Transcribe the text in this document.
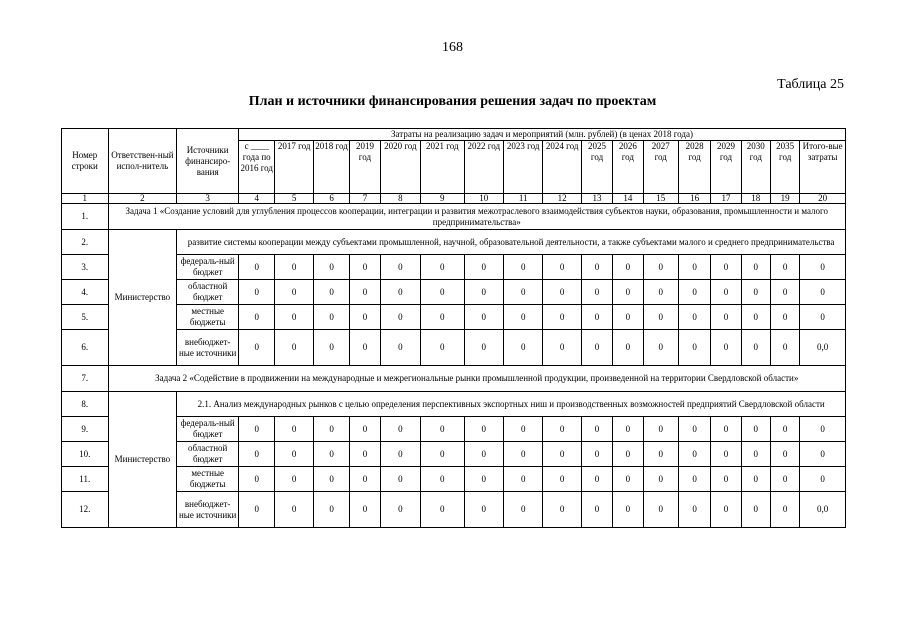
168
Таблица 25
План и источники финансирования решения задач по проектам
Номер строки	Ответствен-ный испол-нитель	Источники финансиро-вания	Затраты на реализацию задач и мероприятий (млн. рублей) (в ценах 2018 года)																
			с ____ года по 2016 год	2017 год	2018 год	2019 год	2020 год	2021 год	2022 год	2023 год	2024 год	2025 год	2026 год	2027 год	2028 год	2029 год	2030 год	2035 год	Итого-вые затраты
1	2	3	4	5	6	7	8	9	10	11	12	13	14	15	16	17	18	19	20
1.	Задача 1 «Создание условий для углубления процессов кооперации, интеграции и развития межотраслевого взаимодействия субъектов науки, образования, промышленности и малого предпринимательства»																		
2.	Министерство	развитие системы кооперации между субъектами промышленной, научной, образовательной деятельности, а также субъектами малого и среднего предпринимательства																	
3.		федераль-ный бюджет	0	0	0	0	0	0	0	0	0	0	0	0	0	0	0	0	0
4.		областной бюджет	0	0	0	0	0	0	0	0	0	0	0	0	0	0	0	0	0
5.		местные бюджеты	0	0	0	0	0	0	0	0	0	0	0	0	0	0	0	0	0
6.		внебюджет-ные источники	0	0	0	0	0	0	0	0	0	0	0	0	0	0	0	0	0,0
7.	Задача 2 «Содействие в продвижении на международные и межрегиональные рынки промышленной продукции, произведенной на территории Свердловской области»																		
8.	Министерство	2.1. Анализ международных рынков с целью определения перспективных экспортных ниш и производственных возможностей предприятий Свердловской области																	
9.		федераль-ный бюджет	0	0	0	0	0	0	0	0	0	0	0	0	0	0	0	0	0
10.		областной бюджет	0	0	0	0	0	0	0	0	0	0	0	0	0	0	0	0	0
11.		местные бюджеты	0	0	0	0	0	0	0	0	0	0	0	0	0	0	0	0	0
12.		внебюджет-ные источники	0	0	0	0	0	0	0	0	0	0	0	0	0	0	0	0	0,0
